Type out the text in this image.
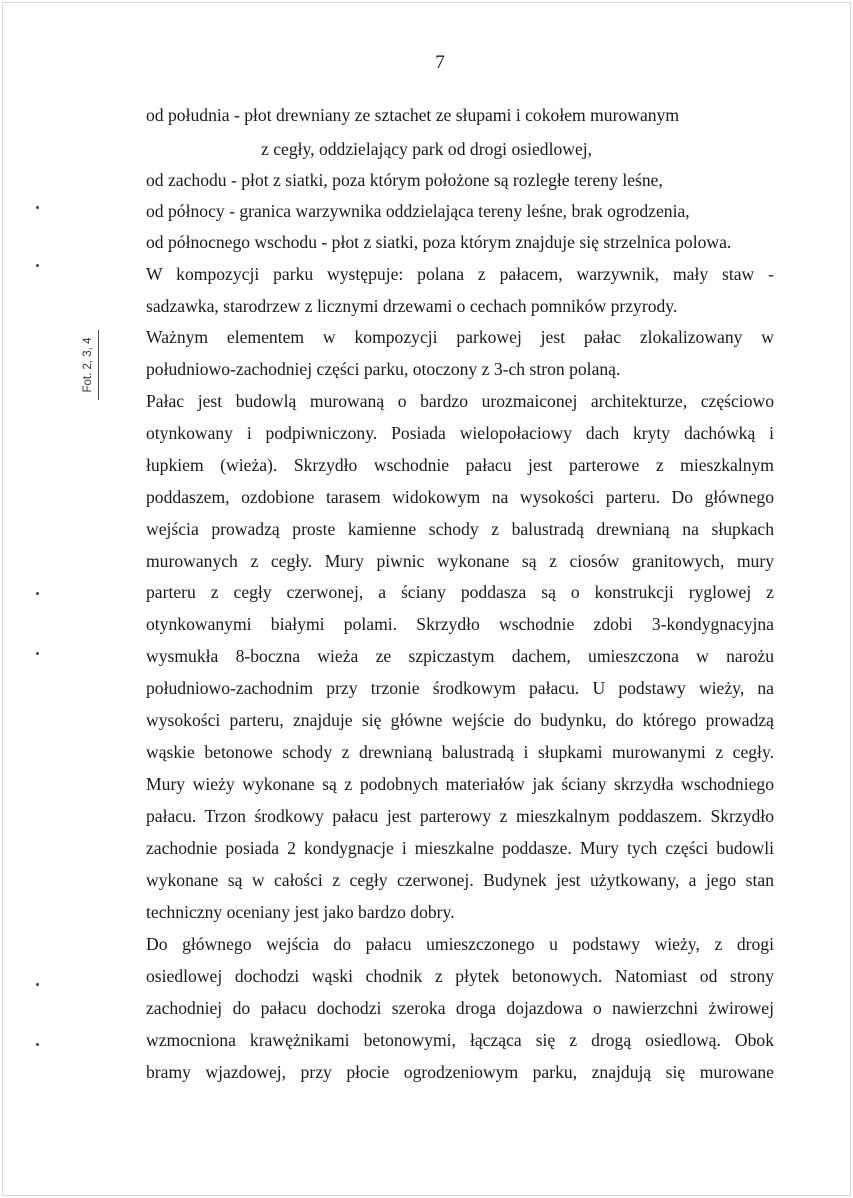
7
Fot. 2, 3, 4
od południa - płot drewniany ze sztachet ze słupami i cokołem murowanym
z cegły, oddzielający park od drogi osiedlowej,
od zachodu - płot z siatki, poza którym położone są rozległe tereny leśne,
od północy - granica warzywnika oddzielająca tereny leśne, brak ogrodzenia,
od północnego wschodu - płot z siatki, poza którym znajduje się strzelnica polowa.
W kompozycji parku występuje: polana z pałacem, warzywnik, mały staw -
sadzawka, starodrzew z licznymi drzewami o cechach pomników przyrody.
Ważnym elementem w kompozycji parkowej jest pałac zlokalizowany w
południowo-zachodniej części parku, otoczony z 3-ch stron polaną.
Pałac jest budowlą murowaną o bardzo urozmaiconej architekturze, częściowo
otynkowany i podpiwniczony. Posiada wielopołaciowy dach kryty dachówką i
łupkiem (wieża). Skrzydło wschodnie pałacu jest parterowe z mieszkalnym
poddaszem, ozdobione tarasem widokowym na wysokości parteru. Do głównego
wejścia prowadzą proste kamienne schody z balustradą drewnianą na słupkach
murowanych z cegły. Mury piwnic wykonane są z ciosów granitowych, mury
parteru z cegły czerwonej, a ściany poddasza są o konstrukcji ryglowej z
otynkowanymi białymi polami. Skrzydło wschodnie zdobi 3-kondygnacyjna
wysmukła 8-boczna wieża ze szpiczastym dachem, umieszczona w narożu
południowo-zachodnim przy trzonie środkowym pałacu. U podstawy wieży, na
wysokości parteru, znajduje się główne wejście do budynku, do którego prowadzą
wąskie betonowe schody z drewnianą balustradą i słupkami murowanymi z cegły.
Mury wieży wykonane są z podobnych materiałów jak ściany skrzydła wschodniego
pałacu. Trzon środkowy pałacu jest parterowy z mieszkalnym poddaszem. Skrzydło
zachodnie posiada 2 kondygnacje i mieszkalne poddasze. Mury tych części budowli
wykonane są w całości z cegły czerwonej. Budynek jest użytkowany, a jego stan
techniczny oceniany jest jako bardzo dobry.
Do głównego wejścia do pałacu umieszczonego u podstawy wieży, z drogi
osiedlowej dochodzi wąski chodnik z płytek betonowych. Natomiast od strony
zachodniej do pałacu dochodzi szeroka droga dojazdowa o nawierzchni żwirowej
wzmocniona krawężnikami betonowymi, łącząca się z drogą osiedlową. Obok
bramy wjazdowej, przy płocie ogrodzeniowym parku, znajdują się murowane
